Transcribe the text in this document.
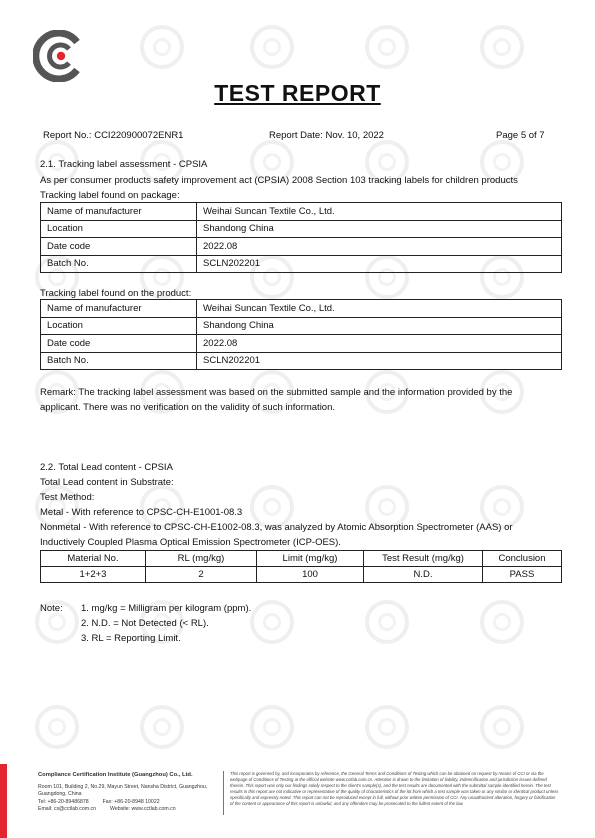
TEST REPORT
Report No.: CCI220900072ENR1	Report Date: Nov. 10, 2022	Page 5 of 7
2.1. Tracking label assessment - CPSIA
As per consumer products safety improvement act (CPSIA) 2008 Section 103 tracking labels for children products
Tracking label found on package:
Name of manufacturer	Weihai Suncan Textile Co., Ltd.
Location	Shandong China
Date code	2022.08
Batch No.	SCLN202201
Tracking label found on the product:
Name of manufacturer	Weihai Suncan Textile Co., Ltd.
Location	Shandong China
Date code	2022.08
Batch No.	SCLN202201
Remark: The tracking label assessment was based on the submitted sample and the information provided by the
applicant. There was no verification on the validity of such information.
2.2. Total Lead content - CPSIA
Total Lead content in Substrate:
Test Method:
Metal - With reference to CPSC-CH-E1001-08.3
Nonmetal - With reference to CPSC-CH-E1002-08.3, was analyzed by Atomic Absorption Spectrometer (AAS) or
Inductively Coupled Plasma Optical Emission Spectrometer (ICP-OES).
Material No.	RL (mg/kg)	Limit (mg/kg)	Test Result (mg/kg)	Conclusion
1+2+3	2	100	N.D.	PASS
Note: 1. mg/kg = Milligram per kilogram (ppm).
2. N.D. = Not Detected (< RL).
3. RL = Reporting Limit.
Compliance Certification Institute (Guangzhou) Co., Ltd.
Room 101, Building 2, No.29, Mayun Street, Nansha District, Guangzhou,
Guangdong, China
Tel: +86-20-89486878	Fax: +86-20-8948 10022
Email: cs@cctlab.com.cn	Website: www.cctlab.com.cn
This report is governed by, and incorporates by reference, the General Terms and Conditions of Testing which can be obtained on request by means of CCI or via the webpage of Conditions of Testing at the official website www.cctlab.com.cn. Attention is drawn to the limitation of liability, indemnification and jurisdiction issues defined therein. This report was only our findings solely respect to the client's sample(s), and the test results are documented with the submittal sample identified herein. The test results in this report are not indicative or representative of the quality of characteristics of the lot from which a test sample was taken or any similar or identical product unless specifically and expressly noted. This report can not be reproduced except in full, without prior written permission of CCI. Any unauthorized alteration, forgery or falsification of the content or appearance of this report is unlawful, and any offenders may be prosecuted to the fullest extent of the law.
